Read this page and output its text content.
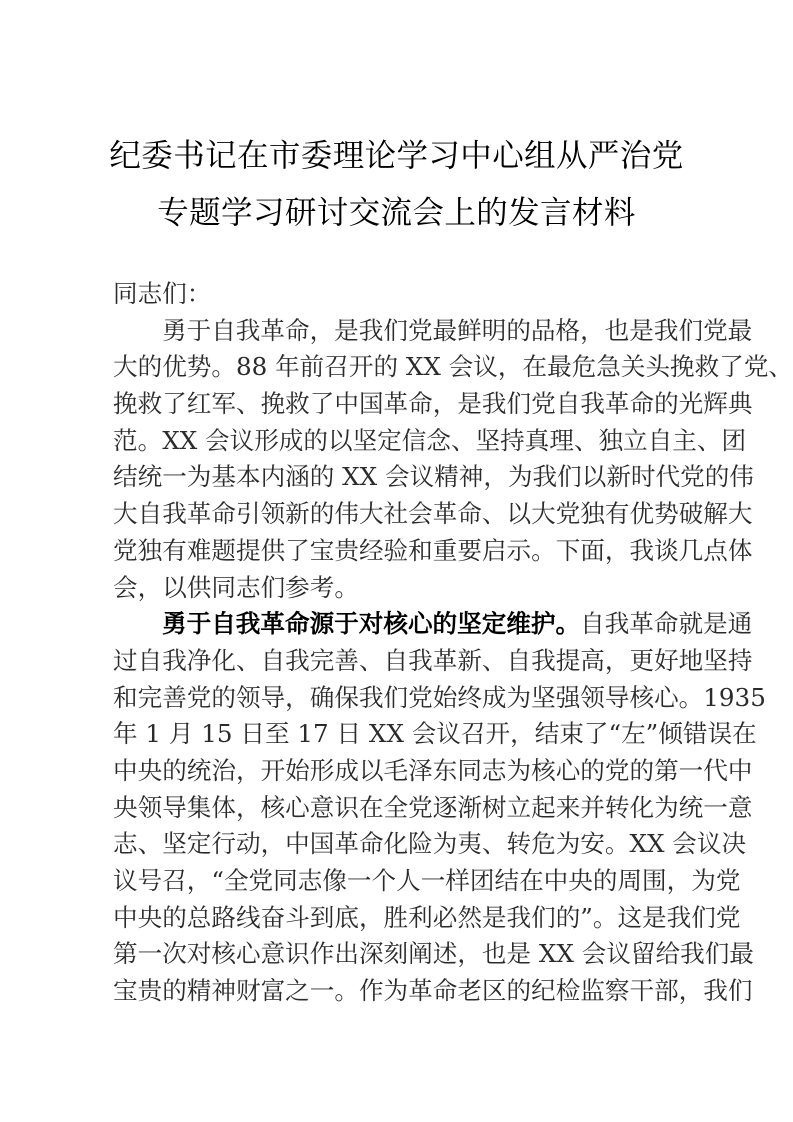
纪委书记在市委理论学习中心组从严治党
专题学习研讨交流会上的发言材料
同志们：
勇于自我革命，是我们党最鲜明的品格，也是我们党最
大的优势。88 年前召开的 XX 会议，在最危急关头挽救了党、
挽救了红军、挽救了中国革命，是我们党自我革命的光辉典
范。XX 会议形成的以坚定信念、坚持真理、独立自主、团
结统一为基本内涵的 XX 会议精神，为我们以新时代党的伟
大自我革命引领新的伟大社会革命、以大党独有优势破解大
党独有难题提供了宝贵经验和重要启示。下面，我谈几点体
会，以供同志们参考。
勇于自我革命源于对核心的坚定维护。自我革命就是通
过自我净化、自我完善、自我革新、自我提高，更好地坚持
和完善党的领导，确保我们党始终成为坚强领导核心。1935
年 1 月 15 日至 17 日 XX 会议召开，结束了“左”倾错误在
中央的统治，开始形成以毛泽东同志为核心的党的第一代中
央领导集体，核心意识在全党逐渐树立起来并转化为统一意
志、坚定行动，中国革命化险为夷、转危为安。XX 会议决
议号召，“全党同志像一个人一样团结在中央的周围，为党
中央的总路线奋斗到底，胜利必然是我们的”。这是我们党
第一次对核心意识作出深刻阐述，也是 XX 会议留给我们最
宝贵的精神财富之一。作为革命老区的纪检监察干部，我们
